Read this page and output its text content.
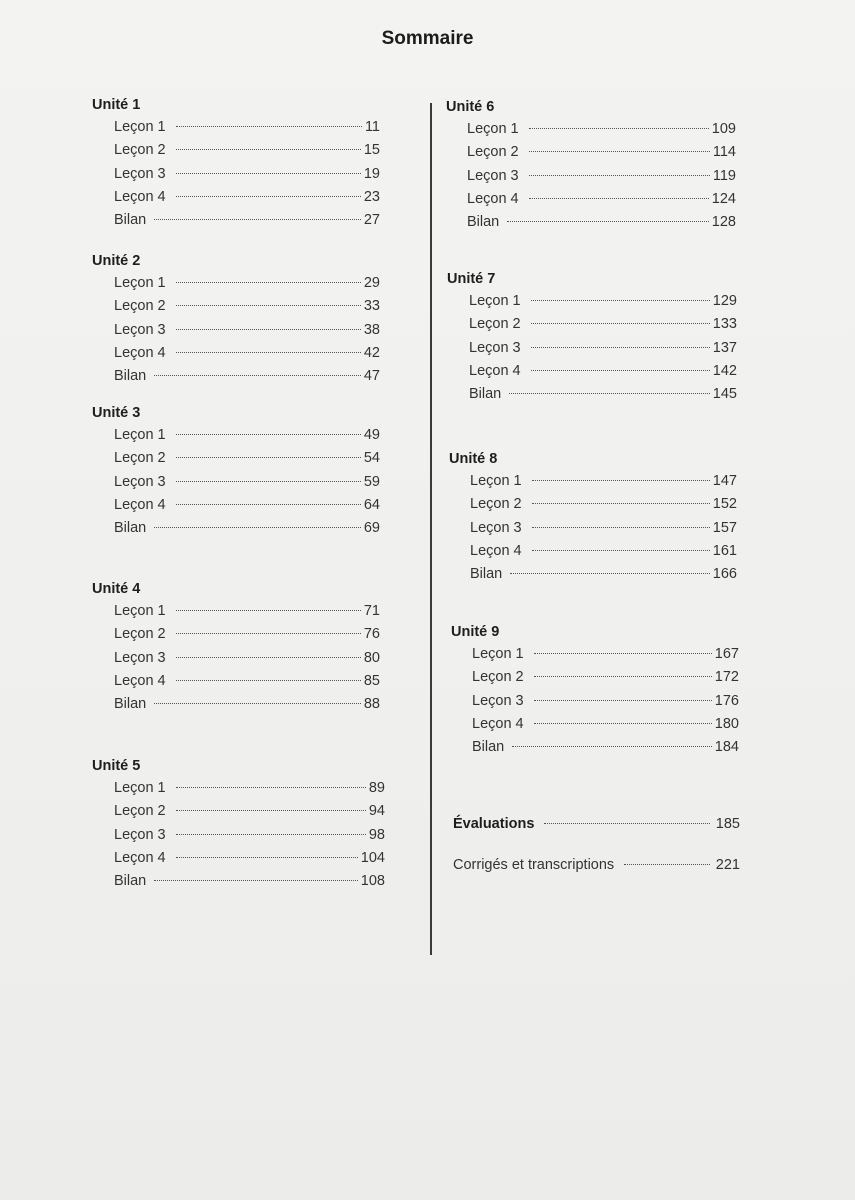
Sommaire
Unité 1
Leçon 1	11
Leçon 2	15
Leçon 3	19
Leçon 4	23
Bilan	27
Unité 2
Leçon 1	29
Leçon 2	33
Leçon 3	38
Leçon 4	42
Bilan	47
Unité 3
Leçon 1	49
Leçon 2	54
Leçon 3	59
Leçon 4	64
Bilan	69
Unité 4
Leçon 1	71
Leçon 2	76
Leçon 3	80
Leçon 4	85
Bilan	88
Unité 5
Leçon 1	89
Leçon 2	94
Leçon 3	98
Leçon 4	104
Bilan	108
Unité 6
Leçon 1	109
Leçon 2	114
Leçon 3	119
Leçon 4	124
Bilan	128
Unité 7
Leçon 1	129
Leçon 2	133
Leçon 3	137
Leçon 4	142
Bilan	145
Unité 8
Leçon 1	147
Leçon 2	152
Leçon 3	157
Leçon 4	161
Bilan	166
Unité 9
Leçon 1	167
Leçon 2	172
Leçon 3	176
Leçon 4	180
Bilan	184
Évaluations	185
Corrigés et transcriptions	221
